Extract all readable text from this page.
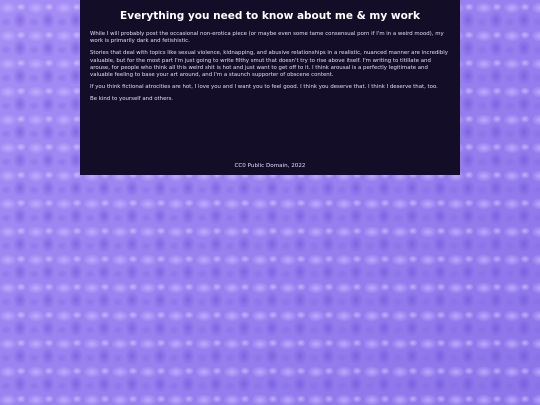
Everything you need to know about me & my work

While I will probably post the occasional non-erotica piece (or maybe even some tame consensual porn if I'm in a weird mood), my work is primarily dark and fetishistic.

Stories that deal with topics like sexual violence, kidnapping, and abusive relationships in a realistic, nuanced manner are incredibly valuable, but for the most part I'm just going to write filthy smut that doesn't try to rise above itself. I'm writing to titillate and arouse, for people who think all this weird shit is hot and just want to get off to it. I think arousal is a perfectly legitimate and valuable feeling to base your art around, and I'm a staunch supporter of obscene content.

If you think fictional atrocities are hot, I love you and I want you to feel good. I think you deserve that. I think I deserve that, too.

Be kind to yourself and others.

CC0 Public Domain, 2022
